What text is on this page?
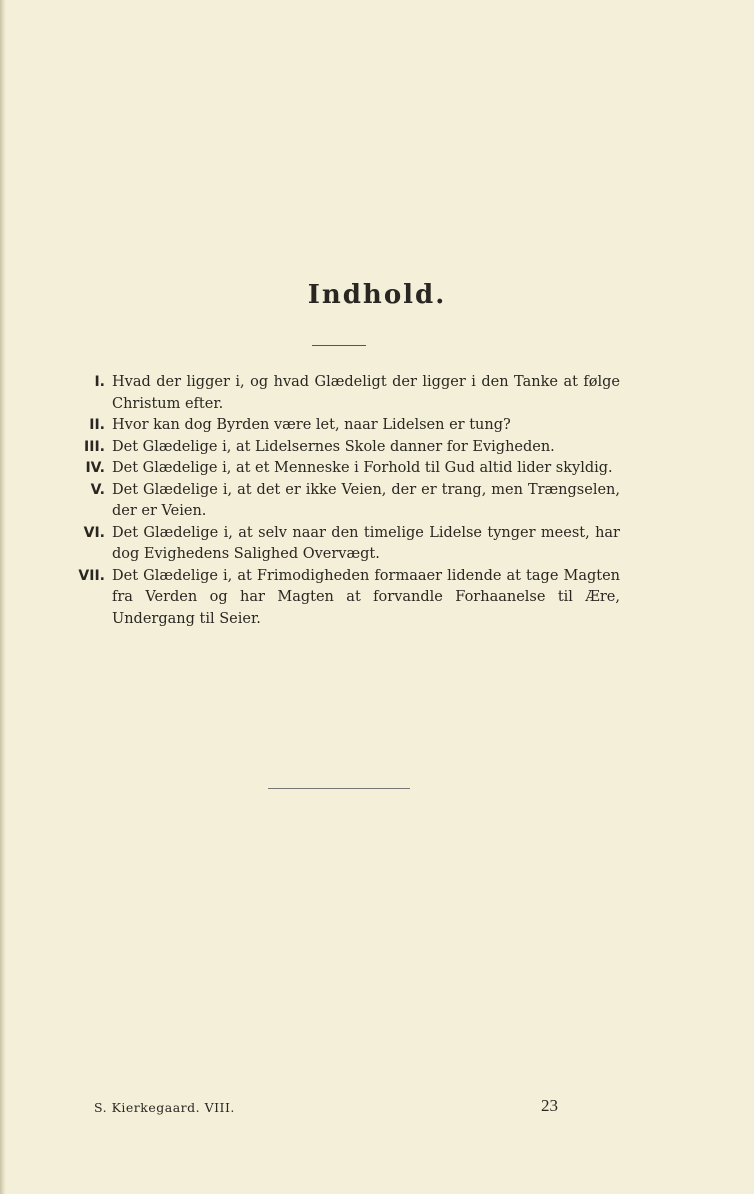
Indhold.
I. Hvad der ligger i, og hvad Glædeligt der ligger i den Tanke at følge Christum efter.
II. Hvor kan dog Byrden være let, naar Lidelsen er tung?
III. Det Glædelige i, at Lidelsernes Skole danner for Evigheden.
IV. Det Glædelige i, at et Menneske i Forhold til Gud altid lider skyldig.
V. Det Glædelige i, at det er ikke Veien, der er trang, men Trængselen, der er Veien.
VI. Det Glædelige i, at selv naar den timelige Lidelse tynger meest, har dog Evighedens Salighed Overvægt.
VII. Det Glædelige i, at Frimodigheden formaaer lidende at tage Magten fra Verden og har Magten at forvandle Forhaanelse til Ære, Undergang til Seier.
S. Kierkegaard. VIII.	23
